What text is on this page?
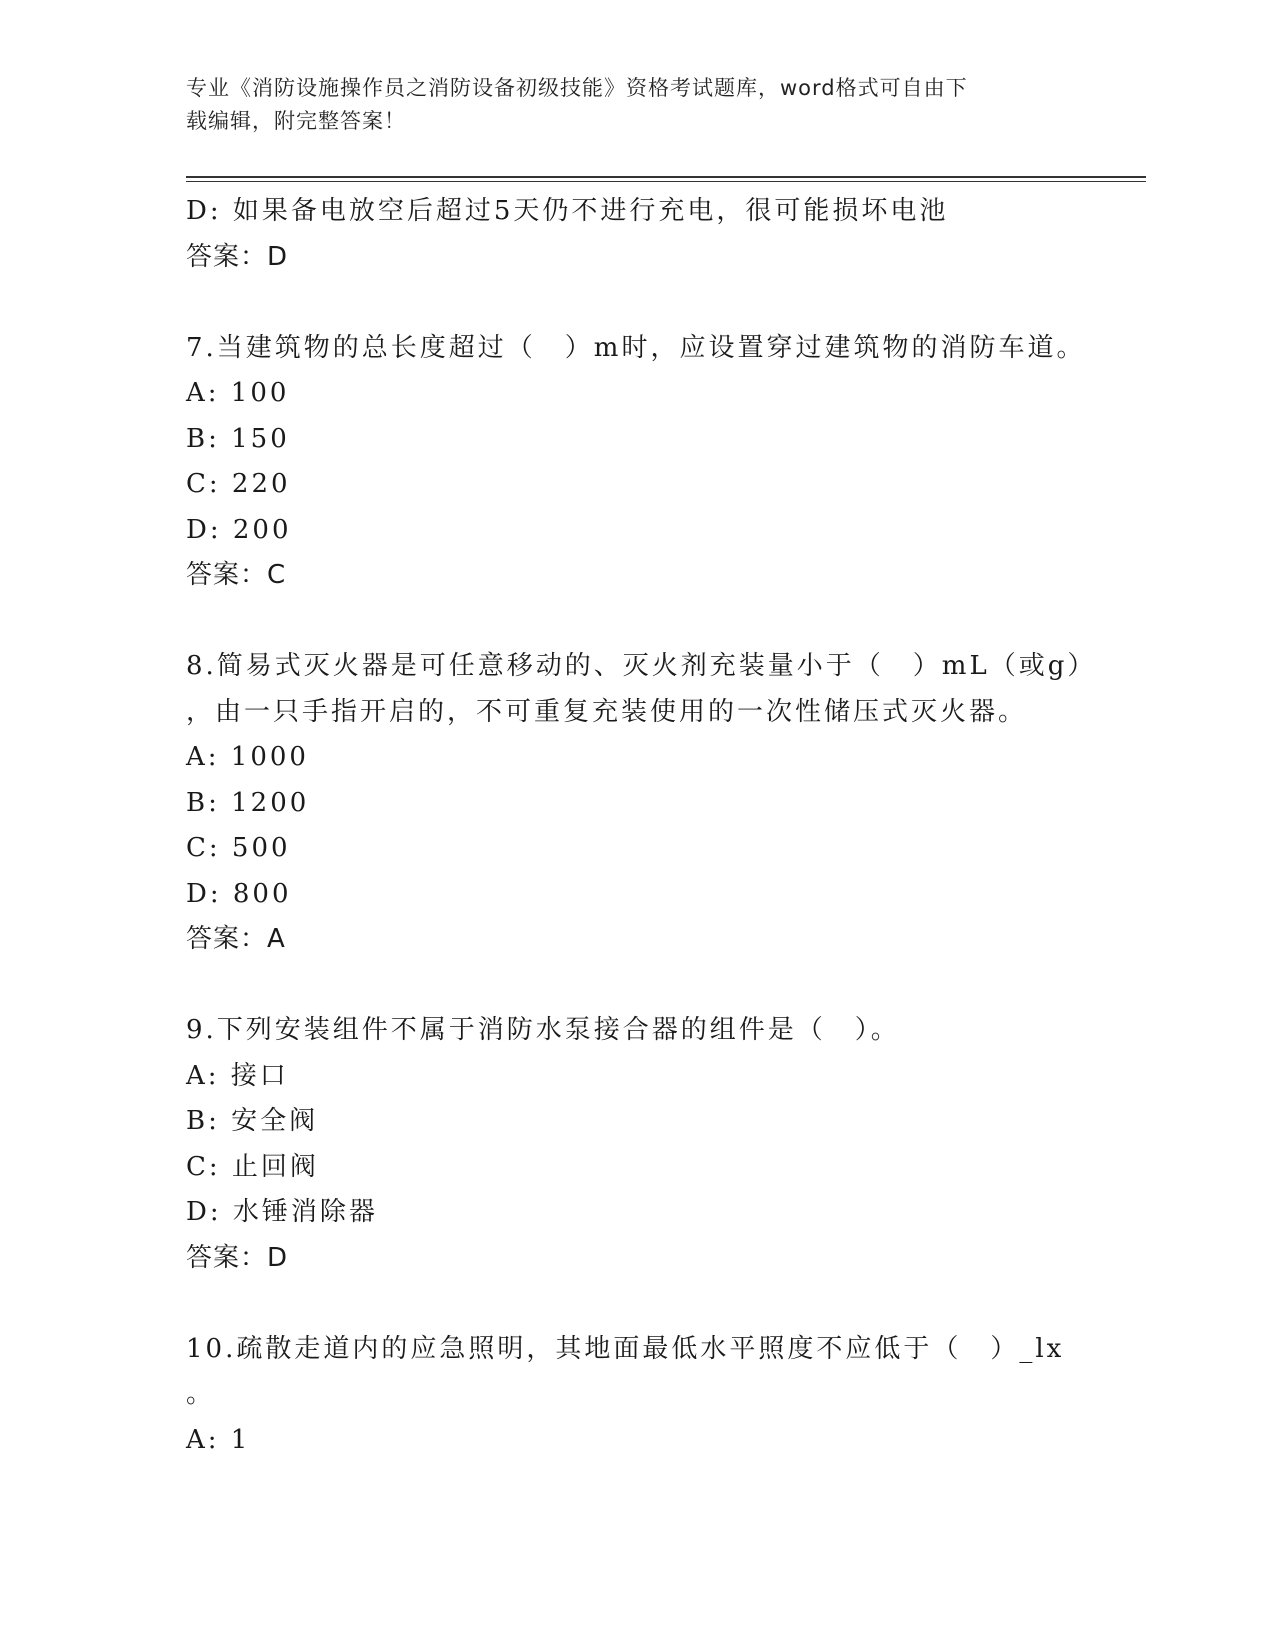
专业《消防设施操作员之消防设备初级技能》资格考试题库，word格式可自由下
载编辑，附完整答案！
D: 如果备电放空后超过5天仍不进行充电，很可能损坏电池
答案：D
7.当建筑物的总长度超过（　）m时，应设置穿过建筑物的消防车道。
A: 100
B: 150
C: 220
D: 200
答案：C
8.简易式灭火器是可任意移动的、灭火剂充装量小于（　）mL（或g）
，由一只手指开启的，不可重复充装使用的一次性储压式灭火器。
A: 1000
B: 1200
C: 500
D: 800
答案：A
9.下列安装组件不属于消防水泵接合器的组件是（　）。
A: 接口
B: 安全阀
C: 止回阀
D: 水锤消除器
答案：D
10.疏散走道内的应急照明，其地面最低水平照度不应低于（　）_lx
。
A: 1
